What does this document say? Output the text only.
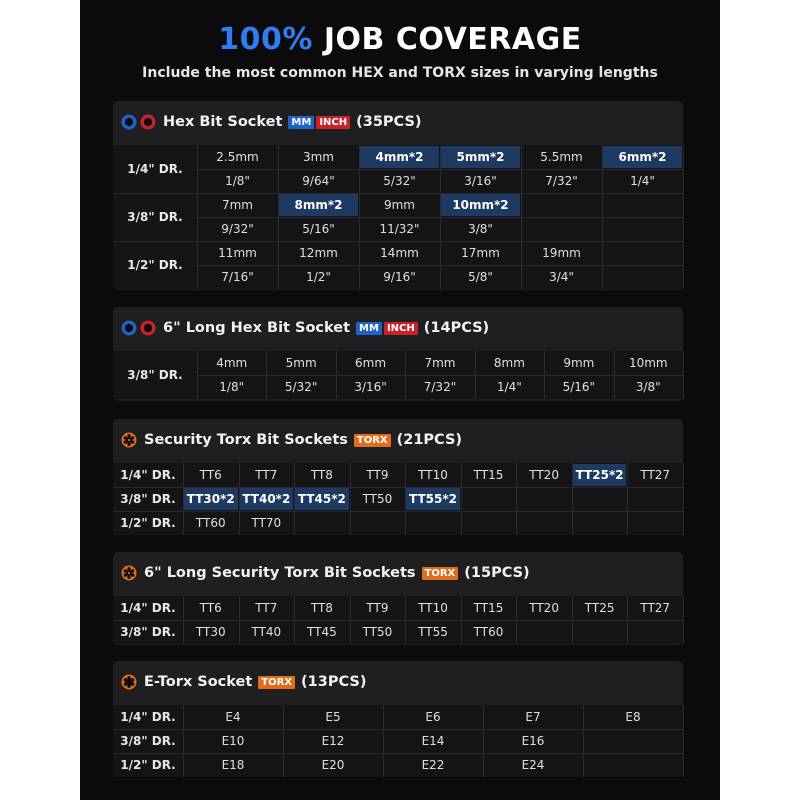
100% JOB COVERAGE
Include the most common HEX and TORX sizes in varying lengths
Hex Bit Socket MM INCH (35PCS)
1/4" DR.
2.5mm	3mm	4mm*2	5mm*2	5.5mm	6mm*2
1/8"	9/64"	5/32"	3/16"	7/32"	1/4"
3/8" DR.
7mm	8mm*2	9mm	10mm*2
9/32"	5/16"	11/32"	3/8"
1/2" DR.
11mm	12mm	14mm	17mm	19mm
7/16"	1/2"	9/16"	5/8"	3/4"
6" Long Hex Bit Socket MM INCH (14PCS)
3/8" DR.
4mm	5mm	6mm	7mm	8mm	9mm	10mm
1/8"	5/32"	3/16"	7/32"	1/4"	5/16"	3/8"
Security Torx Bit Sockets TORX (21PCS)
1/4" DR.	TT6	TT7	TT8	TT9	TT10	TT15	TT20	TT25*2	TT27
3/8" DR. TT30*2 TT40*2 TT45*2	TT50	TT55*2
1/2" DR.	TT60	TT70
6" Long Security Torx Bit Sockets TORX (15PCS)
1/4" DR.	TT6	TT7	TT8	TT9	TT10	TT15	TT20	TT25	TT27
3/8" DR.	TT30	TT40	TT45	TT50	TT55	TT60
E-Torx Socket TORX (13PCS)
1/4" DR.	E4	E5	E6	E7	E8
3/8" DR.	E10	E12	E14	E16
1/2" DR.	E18	E20	E22	E24
